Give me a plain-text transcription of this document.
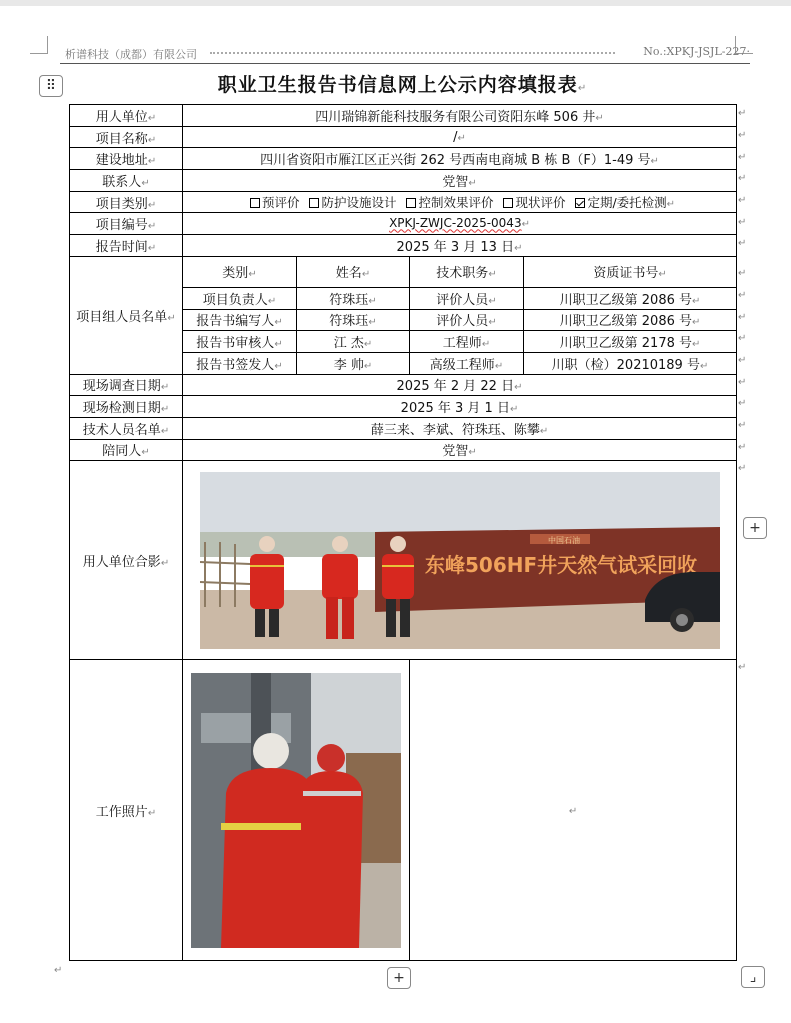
析谱科技（成都）有限公司	No.:XPKJ-JSJL-227·
⠿	职业卫生报告书信息网上公示内容填报表↵
用人单位↵	四川瑞锦新能科技服务有限公司资阳东峰 506 井↵			
项目名称↵	/↵			
建设地址↵	四川省资阳市雁江区正兴街 262 号西南电商城 B 栋 B（F）1-49 号↵			
联系人↵	党智↵			
项目类别↵	预评价 防护设施设计 控制效果评价 现状评价 定期/委托检测↵			
项目编号↵	XPKJ-ZWJC-2025-0043↵			
报告时间↵	2025 年 3 月 13 日↵			
项目组人员名单↵	类别↵	姓名↵	技术职务↵	资质证书号↵
	项目负责人↵	符珠珏↵	评价人员↵	川职卫乙级第 2086 号↵
	报告书编写人↵	符珠珏↵	评价人员↵	川职卫乙级第 2086 号↵
	报告书审核人↵	江 杰↵	工程师↵	川职卫乙级第 2178 号↵
	报告书签发人↵	李 帅↵	高级工程师↵	川职（检）20210189 号↵
现场调查日期↵	2025 年 2 月 22 日↵			
现场检测日期↵	2025 年 3 月 1 日↵			
技术人员名单↵	薛三来、李斌、符珠珏、陈攀↵			
陪同人↵	党智↵			
用人单位合影↵	中国石油
东峰506HF井天然气试采回收			

工作照片↵			↵	
↵
↵
↵
↵
↵
↵
↵
↵
↵
↵
↵
↵
↵
↵
↵
↵
↵
↵
↵
+
+	⌟
